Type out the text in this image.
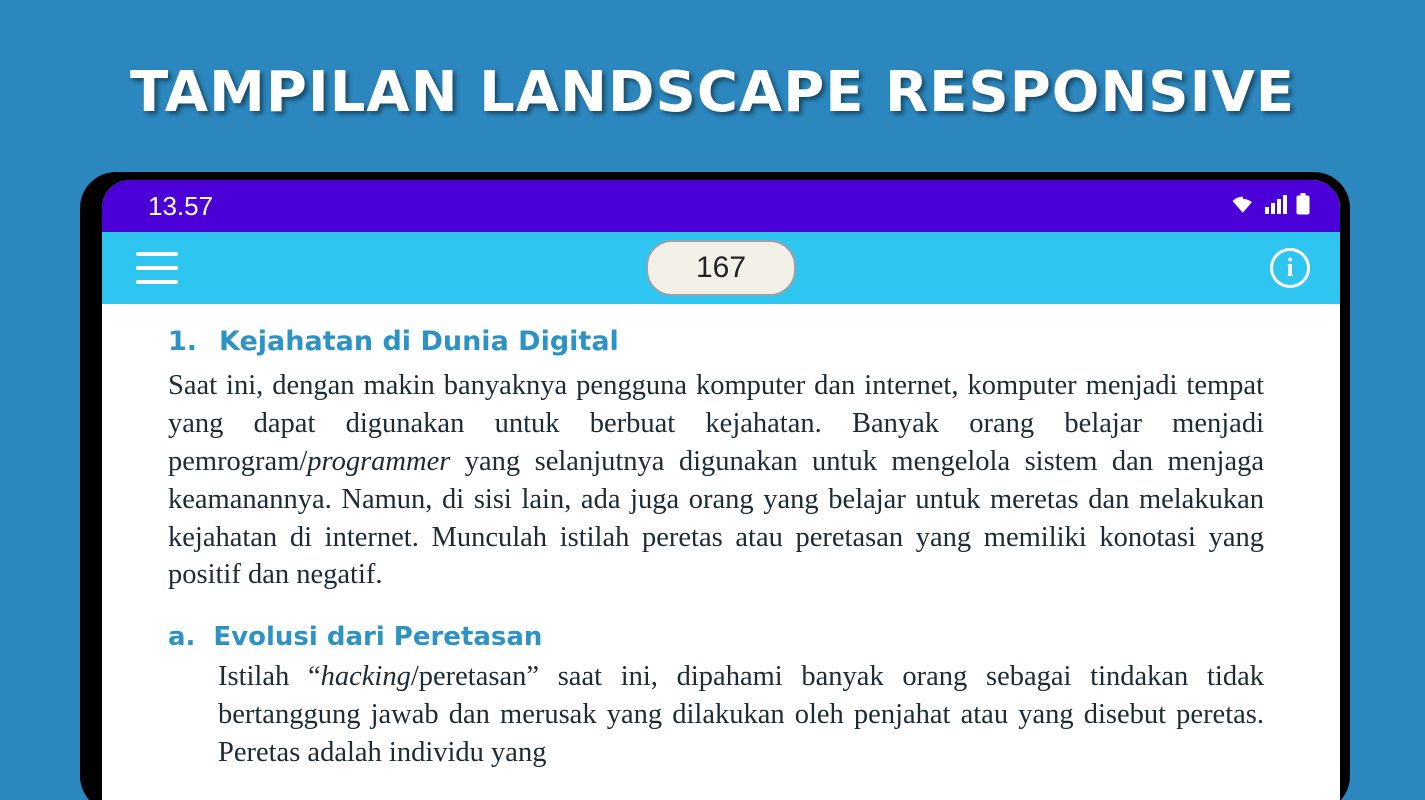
TAMPILAN LANDSCAPE RESPONSIVE
13.57
167	i
1. Kejahatan di Dunia Digital

Saat ini, dengan makin banyaknya pengguna komputer dan internet, komputer menjadi tempat yang dapat digunakan untuk berbuat kejahatan. Banyak orang belajar menjadi pemrogram/programmer yang selanjutnya digunakan untuk mengelola sistem dan menjaga keamanannya. Namun, di sisi lain, ada juga orang yang belajar untuk meretas dan melakukan kejahatan di internet. Munculah istilah peretas atau peretasan yang memiliki konotasi yang positif dan negatif.

a. Evolusi dari Peretasan

Istilah “hacking/peretasan” saat ini, dipahami banyak orang sebagai tindakan tidak bertanggung jawab dan merusak yang dilakukan oleh penjahat atau yang disebut peretas. Peretas adalah individu yang
